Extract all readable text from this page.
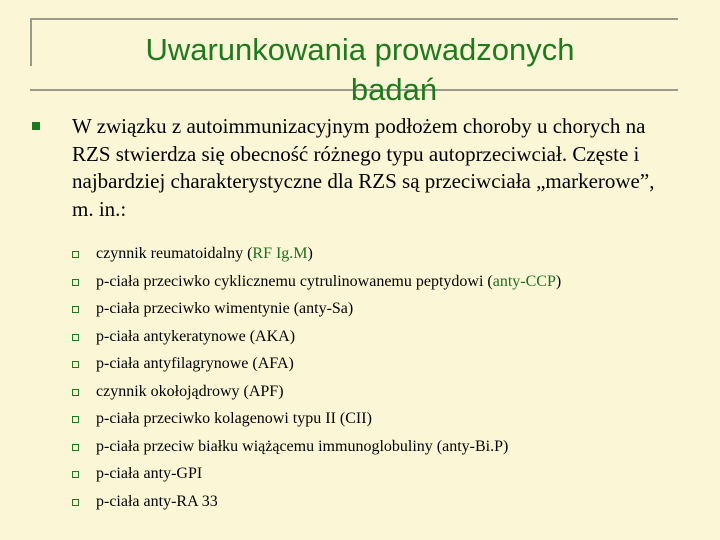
Uwarunkowania prowadzonych
badań
W związku z autoimmunizacyjnym podłożem choroby u chorych na RZS stwierdza się obecność różnego typu autoprzeciwciał. Częste i najbardziej charakterystyczne dla RZS są przeciwciała „markerowe”, m. in.:
czynnik reumatoidalny (RF Ig.M)
p-ciała przeciwko cyklicznemu cytrulinowanemu peptydowi (anty-CCP)
p-ciała przeciwko wimentynie (anty-Sa)
p-ciała antykeratynowe (AKA)
p-ciała antyfilagrynowe (AFA)
czynnik okołojądrowy (APF)
p-ciała przeciwko kolagenowi typu II (CII)
p-ciała przeciw białku wiążącemu immunoglobuliny (anty-Bi.P)
p-ciała anty-GPI
p-ciała anty-RA 33
